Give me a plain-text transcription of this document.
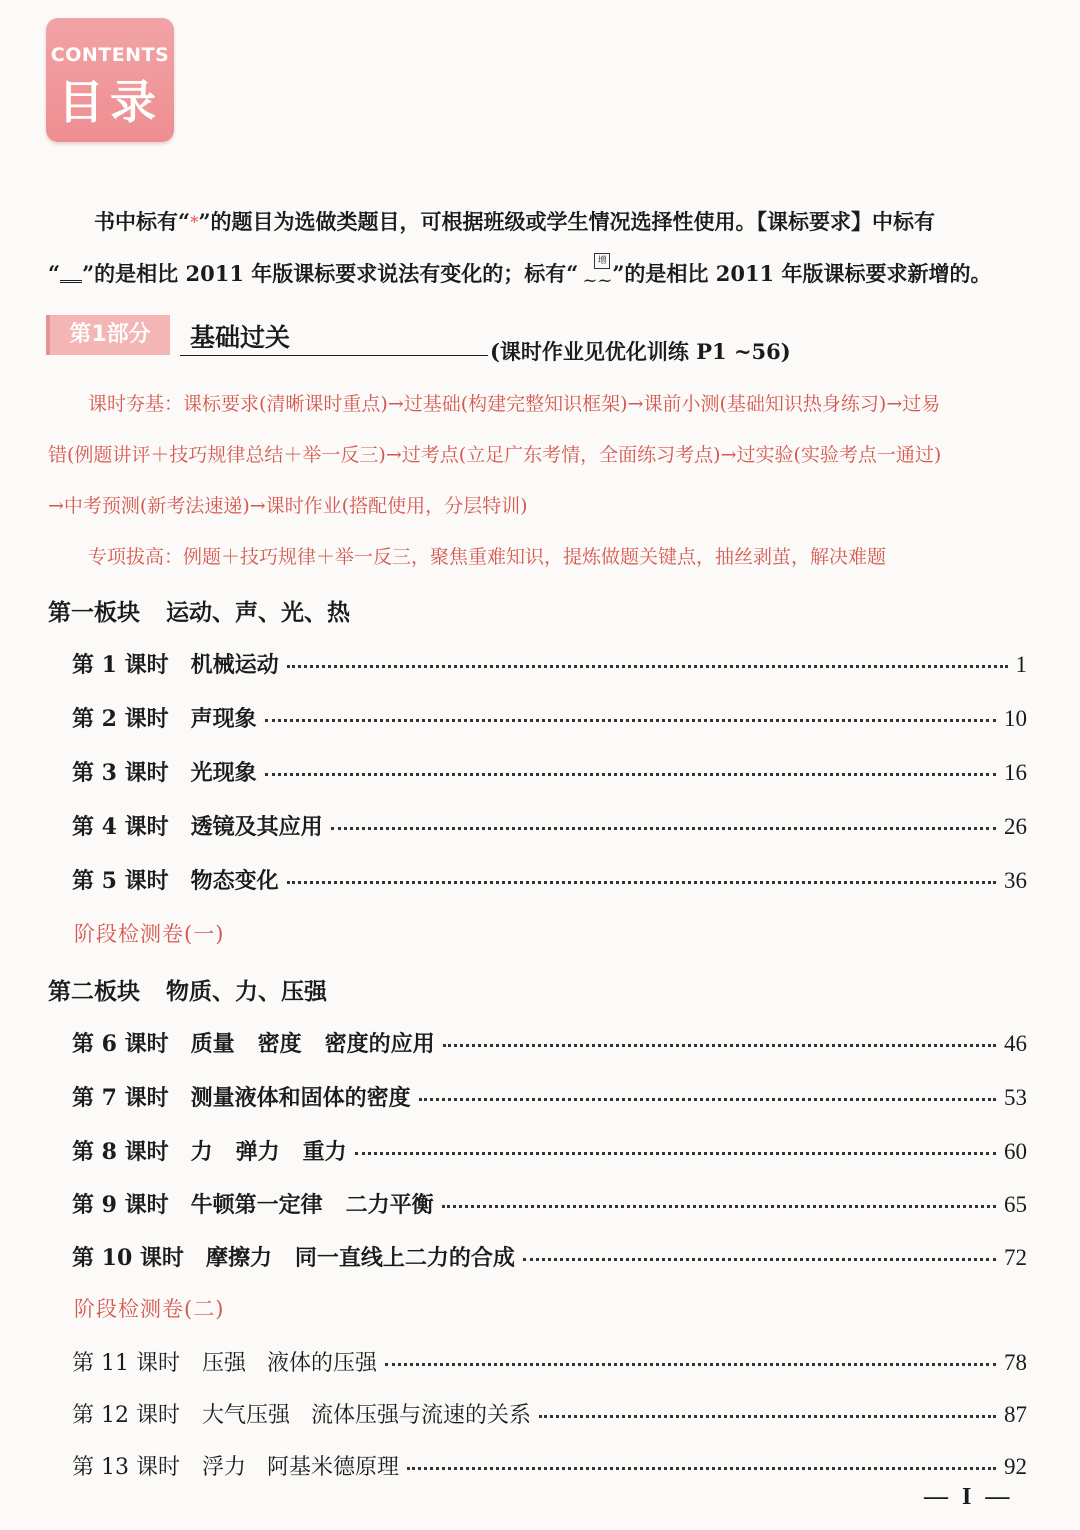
CONTENTS
目录
书中标有“*”的题目为选做类题目，可根据班级或学生情况选择性使用。【课标要求】中标有
“ ”的是相比 2011 年版课标要求说法有变化的；标有“	增
~~ ”的是相比 2011 年版课标要求新增的。
第1部分	基础过关	(课时作业见优化训练 P1 ~56)
课时夯基：课标要求(清晰课时重点)→过基础(构建完整知识框架)→课前小测(基础知识热身练习)→过易
错(例题讲评＋技巧规律总结＋举一反三)→过考点(立足广东考情，全面练习考点)→过实验(实验考点一通过)
→中考预测(新考法速递)→课时作业(搭配使用，分层特训)
专项拔高：例题＋技巧规律＋举一反三，聚焦重难知识，提炼做题关键点，抽丝剥茧，解决难题
第一板块 运动、声、光、热
第 1 课时	机械运动	1
第 2 课时	声现象	10
第 3 课时	光现象	16
第 4 课时	透镜及其应用	26
第 5 课时	物态变化	36
阶段检测卷(一)
第二板块 物质、力、压强
第 6 课时	质量   密度   密度的应用	46
第 7 课时	测量液体和固体的密度	53
第 8 课时	力   弹力   重力	60
第 9 课时	牛顿第一定律   二力平衡	65
第 10 课时	摩擦力   同一直线上二力的合成	72
阶段检测卷(二)
第 11 课时	压强   液体的压强	78
第 12 课时	大气压强   流体压强与流速的关系	87
第 13 课时	浮力   阿基米德原理	92
— I —
